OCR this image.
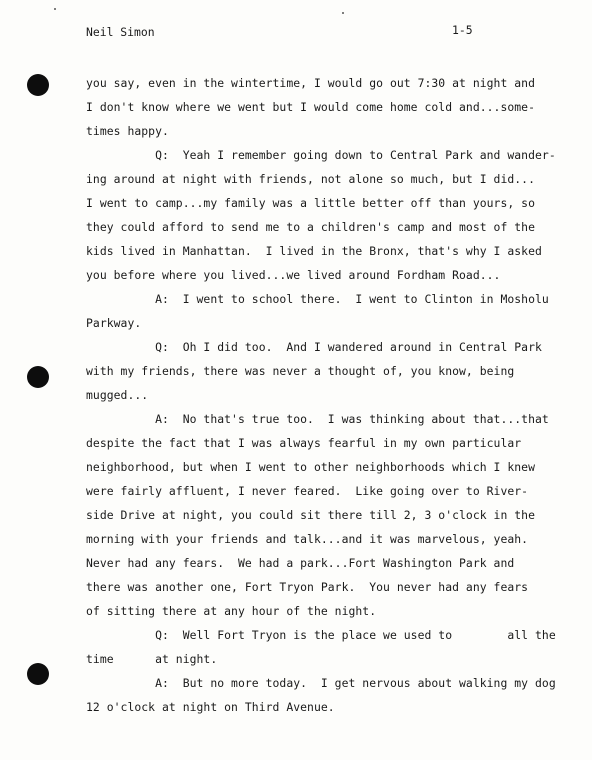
Neil Simon	1-5
you say, even in the wintertime, I would go out 7:30 at night and
I don't know where we went but I would come home cold and...some-
times happy.
Q:  Yeah I remember going down to Central Park and wander-
ing around at night with friends, not alone so much, but I did...
I went to camp...my family was a little better off than yours, so
they could afford to send me to a children's camp and most of the
kids lived in Manhattan.  I lived in the Bronx, that's why I asked
you before where you lived...we lived around Fordham Road...
A:  I went to school there.  I went to Clinton in Mosholu
Parkway.
Q:  Oh I did too.  And I wandered around in Central Park
with my friends, there was never a thought of, you know, being
mugged...
A:  No that's true too.  I was thinking about that...that
despite the fact that I was always fearful in my own particular
neighborhood, but when I went to other neighborhoods which I knew
were fairly affluent, I never feared.  Like going over to River-
side Drive at night, you could sit there till 2, 3 o'clock in the
morning with your friends and talk...and it was marvelous, yeah.
Never had any fears.  We had a park...Fort Washington Park and
there was another one, Fort Tryon Park.  You never had any fears
of sitting there at any hour of the night.
Q:  Well Fort Tryon is the place we used to        all the
time      at night.
A:  But no more today.  I get nervous about walking my dog
12 o'clock at night on Third Avenue.
